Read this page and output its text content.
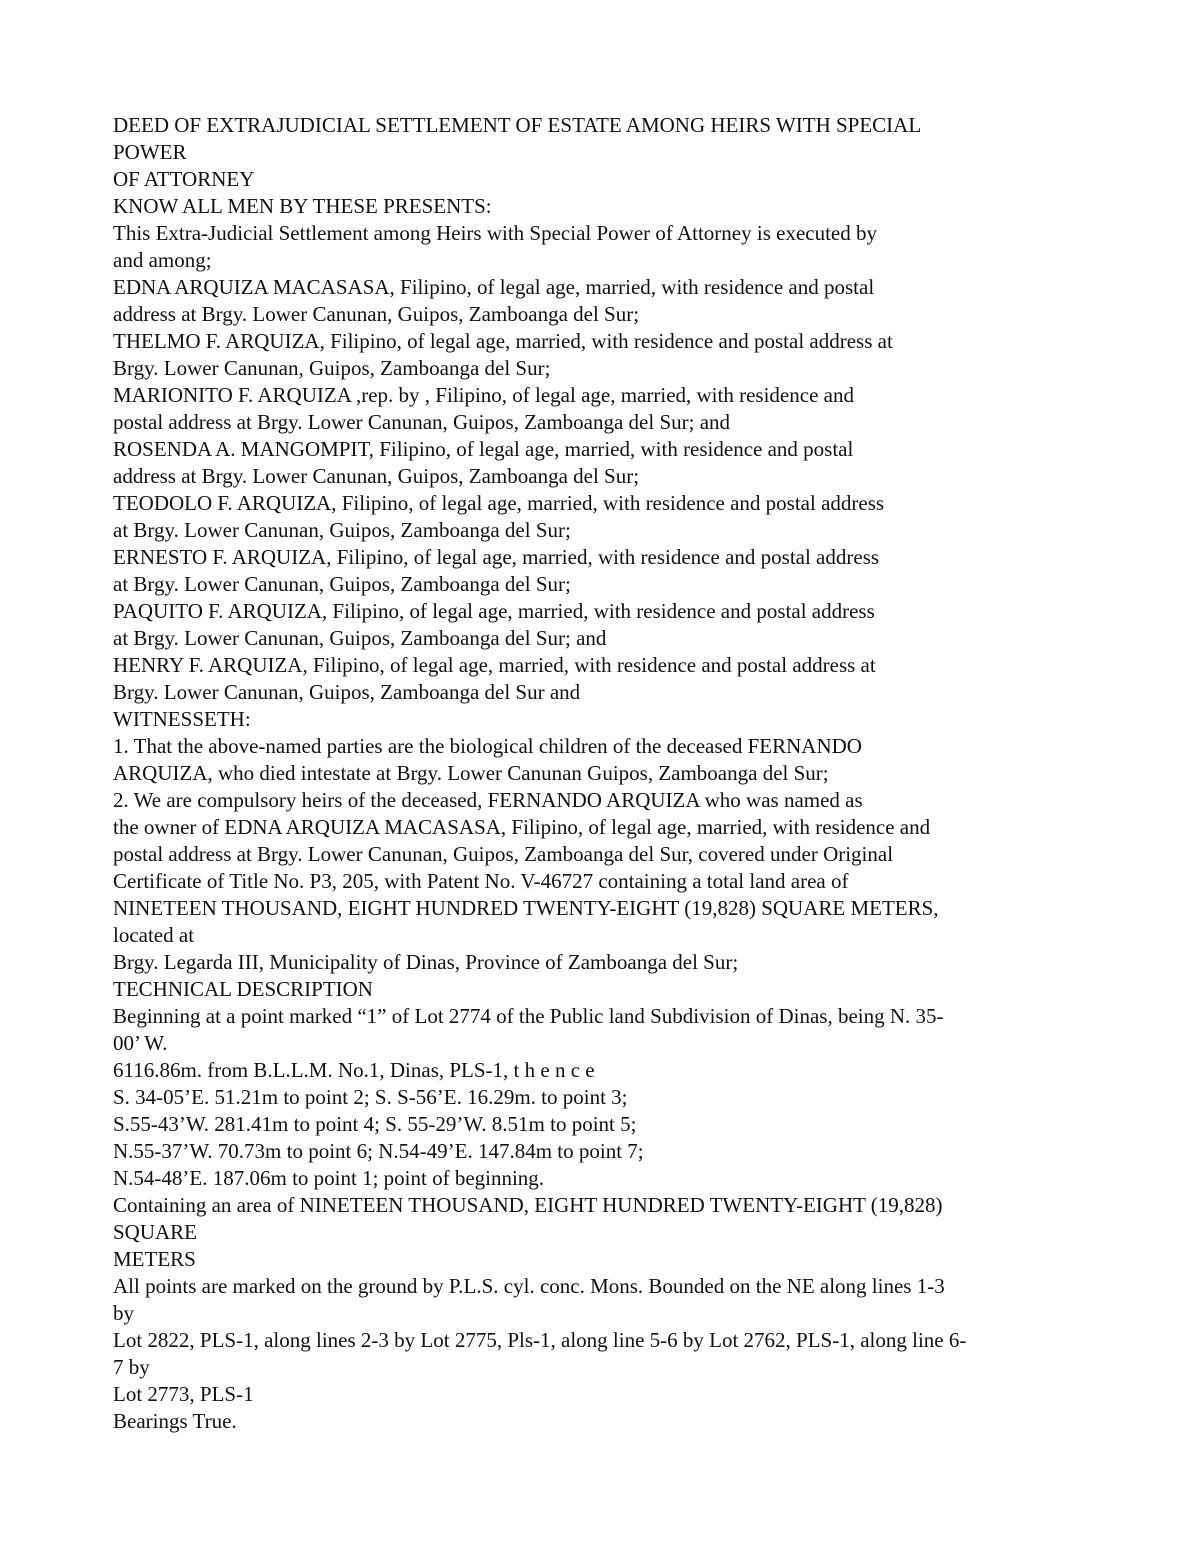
DEED OF EXTRAJUDICIAL SETTLEMENT OF ESTATE AMONG HEIRS WITH SPECIAL
POWER
OF ATTORNEY
KNOW ALL MEN BY THESE PRESENTS:
This Extra-Judicial Settlement among Heirs with Special Power of Attorney is executed by
and among;
EDNA ARQUIZA MACASASA, Filipino, of legal age, married, with residence and postal
address at Brgy. Lower Canunan, Guipos, Zamboanga del Sur;
THELMO F. ARQUIZA, Filipino, of legal age, married, with residence and postal address at
Brgy. Lower Canunan, Guipos, Zamboanga del Sur;
MARIONITO F. ARQUIZA ,rep. by , Filipino, of legal age, married, with residence and
postal address at Brgy. Lower Canunan, Guipos, Zamboanga del Sur; and
ROSENDA A. MANGOMPIT, Filipino, of legal age, married, with residence and postal
address at Brgy. Lower Canunan, Guipos, Zamboanga del Sur;
TEODOLO F. ARQUIZA, Filipino, of legal age, married, with residence and postal address
at Brgy. Lower Canunan, Guipos, Zamboanga del Sur;
ERNESTO F. ARQUIZA, Filipino, of legal age, married, with residence and postal address
at Brgy. Lower Canunan, Guipos, Zamboanga del Sur;
PAQUITO F. ARQUIZA, Filipino, of legal age, married, with residence and postal address
at Brgy. Lower Canunan, Guipos, Zamboanga del Sur; and
HENRY F. ARQUIZA, Filipino, of legal age, married, with residence and postal address at
Brgy. Lower Canunan, Guipos, Zamboanga del Sur and
WITNESSETH:
1. That the above-named parties are the biological children of the deceased FERNANDO
ARQUIZA, who died intestate at Brgy. Lower Canunan Guipos, Zamboanga del Sur;
2. We are compulsory heirs of the deceased, FERNANDO ARQUIZA who was named as
the owner of EDNA ARQUIZA MACASASA, Filipino, of legal age, married, with residence and
postal address at Brgy. Lower Canunan, Guipos, Zamboanga del Sur, covered under Original
Certificate of Title No. P3, 205, with Patent No. V-46727 containing a total land area of
NINETEEN THOUSAND, EIGHT HUNDRED TWENTY-EIGHT (19,828) SQUARE METERS,
located at
Brgy. Legarda III, Municipality of Dinas, Province of Zamboanga del Sur;
TECHNICAL DESCRIPTION
Beginning at a point marked “1” of Lot 2774 of the Public land Subdivision of Dinas, being N. 35-
00’ W.
6116.86m. from B.L.L.M. No.1, Dinas, PLS-1, t h e n c e
S. 34-05’E. 51.21m to point 2; S. S-56’E. 16.29m. to point 3;
S.55-43’W. 281.41m to point 4; S. 55-29’W. 8.51m to point 5;
N.55-37’W. 70.73m to point 6; N.54-49’E. 147.84m to point 7;
N.54-48’E. 187.06m to point 1; point of beginning.
Containing an area of NINETEEN THOUSAND, EIGHT HUNDRED TWENTY-EIGHT (19,828)
SQUARE
METERS
All points are marked on the ground by P.L.S. cyl. conc. Mons. Bounded on the NE along lines 1-3
by
Lot 2822, PLS-1, along lines 2-3 by Lot 2775, Pls-1, along line 5-6 by Lot 2762, PLS-1, along line 6-
7 by
Lot 2773, PLS-1
Bearings True.
